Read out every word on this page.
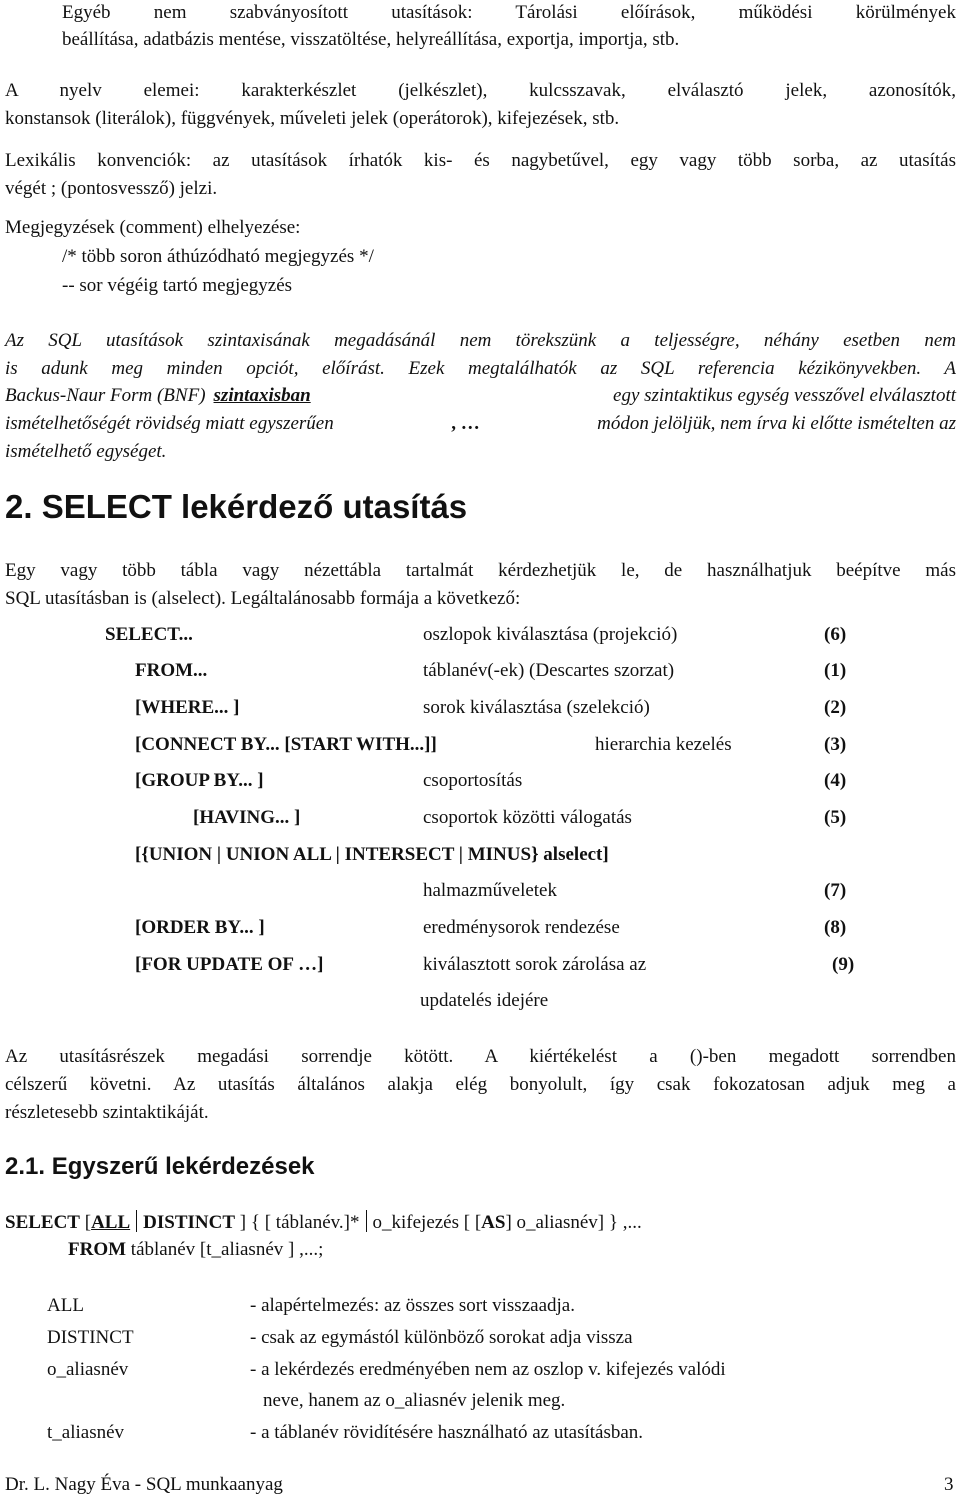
Egyéb nem szabványosított utasítások: Tárolási előírások, működési körülmények
beállítása, adatbázis mentése, visszatöltése, helyreállítása, exportja, importja, stb.
A nyelv elemei: karakterkészlet (jelkészlet), kulcsszavak, elválasztó jelek, azonosítók,
konstansok (literálok), függvények, műveleti jelek (operátorok), kifejezések, stb.
Lexikális konvenciók: az utasítások írhatók kis- és nagybetűvel, egy vagy több sorba, az utasítás
végét ; (pontosvessző) jelzi.
Megjegyzések (comment) elhelyezése:
/* több soron áthúzódható megjegyzés */
-- sor végéig tartó megjegyzés
Az SQL utasítások szintaxisának megadásánál nem törekszünk a teljességre, néhány esetben nem
is adunk meg minden opciót, előírást. Ezek megtalálhatók az SQL referencia kézikönyvekben. A
Backus-Naur Form (BNF) szintaxisban	egy szintaktikus egység vesszővel elválasztott
ismételhetőségét rövidség miatt egyszerűen	, …	módon jelöljük, nem írva ki előtte ismételten az
ismételhető egységet.
2. SELECT lekérdező utasítás
Egy vagy több tábla vagy nézettábla tartalmát kérdezhetjük le, de használhatjuk beépítve más
SQL utasításban is (alselect). Legáltalánosabb formája a következő:
SELECT...	oszlopok kiválasztása (projekció)	(6)
FROM...	táblanév(-ek) (Descartes szorzat)	(1)
[WHERE... ]	sorok kiválasztása (szelekció)	(2)
[CONNECT BY... [START WITH...]]	hierarchia kezelés	(3)
[GROUP BY... ]	csoportosítás	(4)
[HAVING... ]	csoportok közötti válogatás	(5)
[{UNION | UNION ALL | INTERSECT | MINUS} alselect]
halmazműveletek	(7)
[ORDER BY... ]	eredménysorok rendezése	(8)
[FOR UPDATE OF …]	kiválasztott sorok zárolása az	(9)
updatelés idejére
Az utasításrészek megadási sorrendje kötött. A kiértékelést a ()-ben megadott sorrendben
célszerű követni. Az utasítás általános alakja elég bonyolult, így csak fokozatosan adjuk meg a
részletesebb szintaktikáját.
2.1. Egyszerű lekérdezések
SELECT [ALL DISTINCT ] { [ táblanév.]* o_kifejezés [ [AS] o_aliasnév] } ,...
FROM táblanév [t_aliasnév ] ,...;
ALL	- alapértelmezés: az összes sort visszaadja.
DISTINCT	- csak az egymástól különböző sorokat adja vissza
o_aliasnév	- a lekérdezés eredményében nem az oszlop v. kifejezés valódi
neve, hanem az o_aliasnév jelenik meg.
t_aliasnév	- a táblanév rövidítésére használható az utasításban.
Dr. L. Nagy Éva - SQL munkaanyag	3
